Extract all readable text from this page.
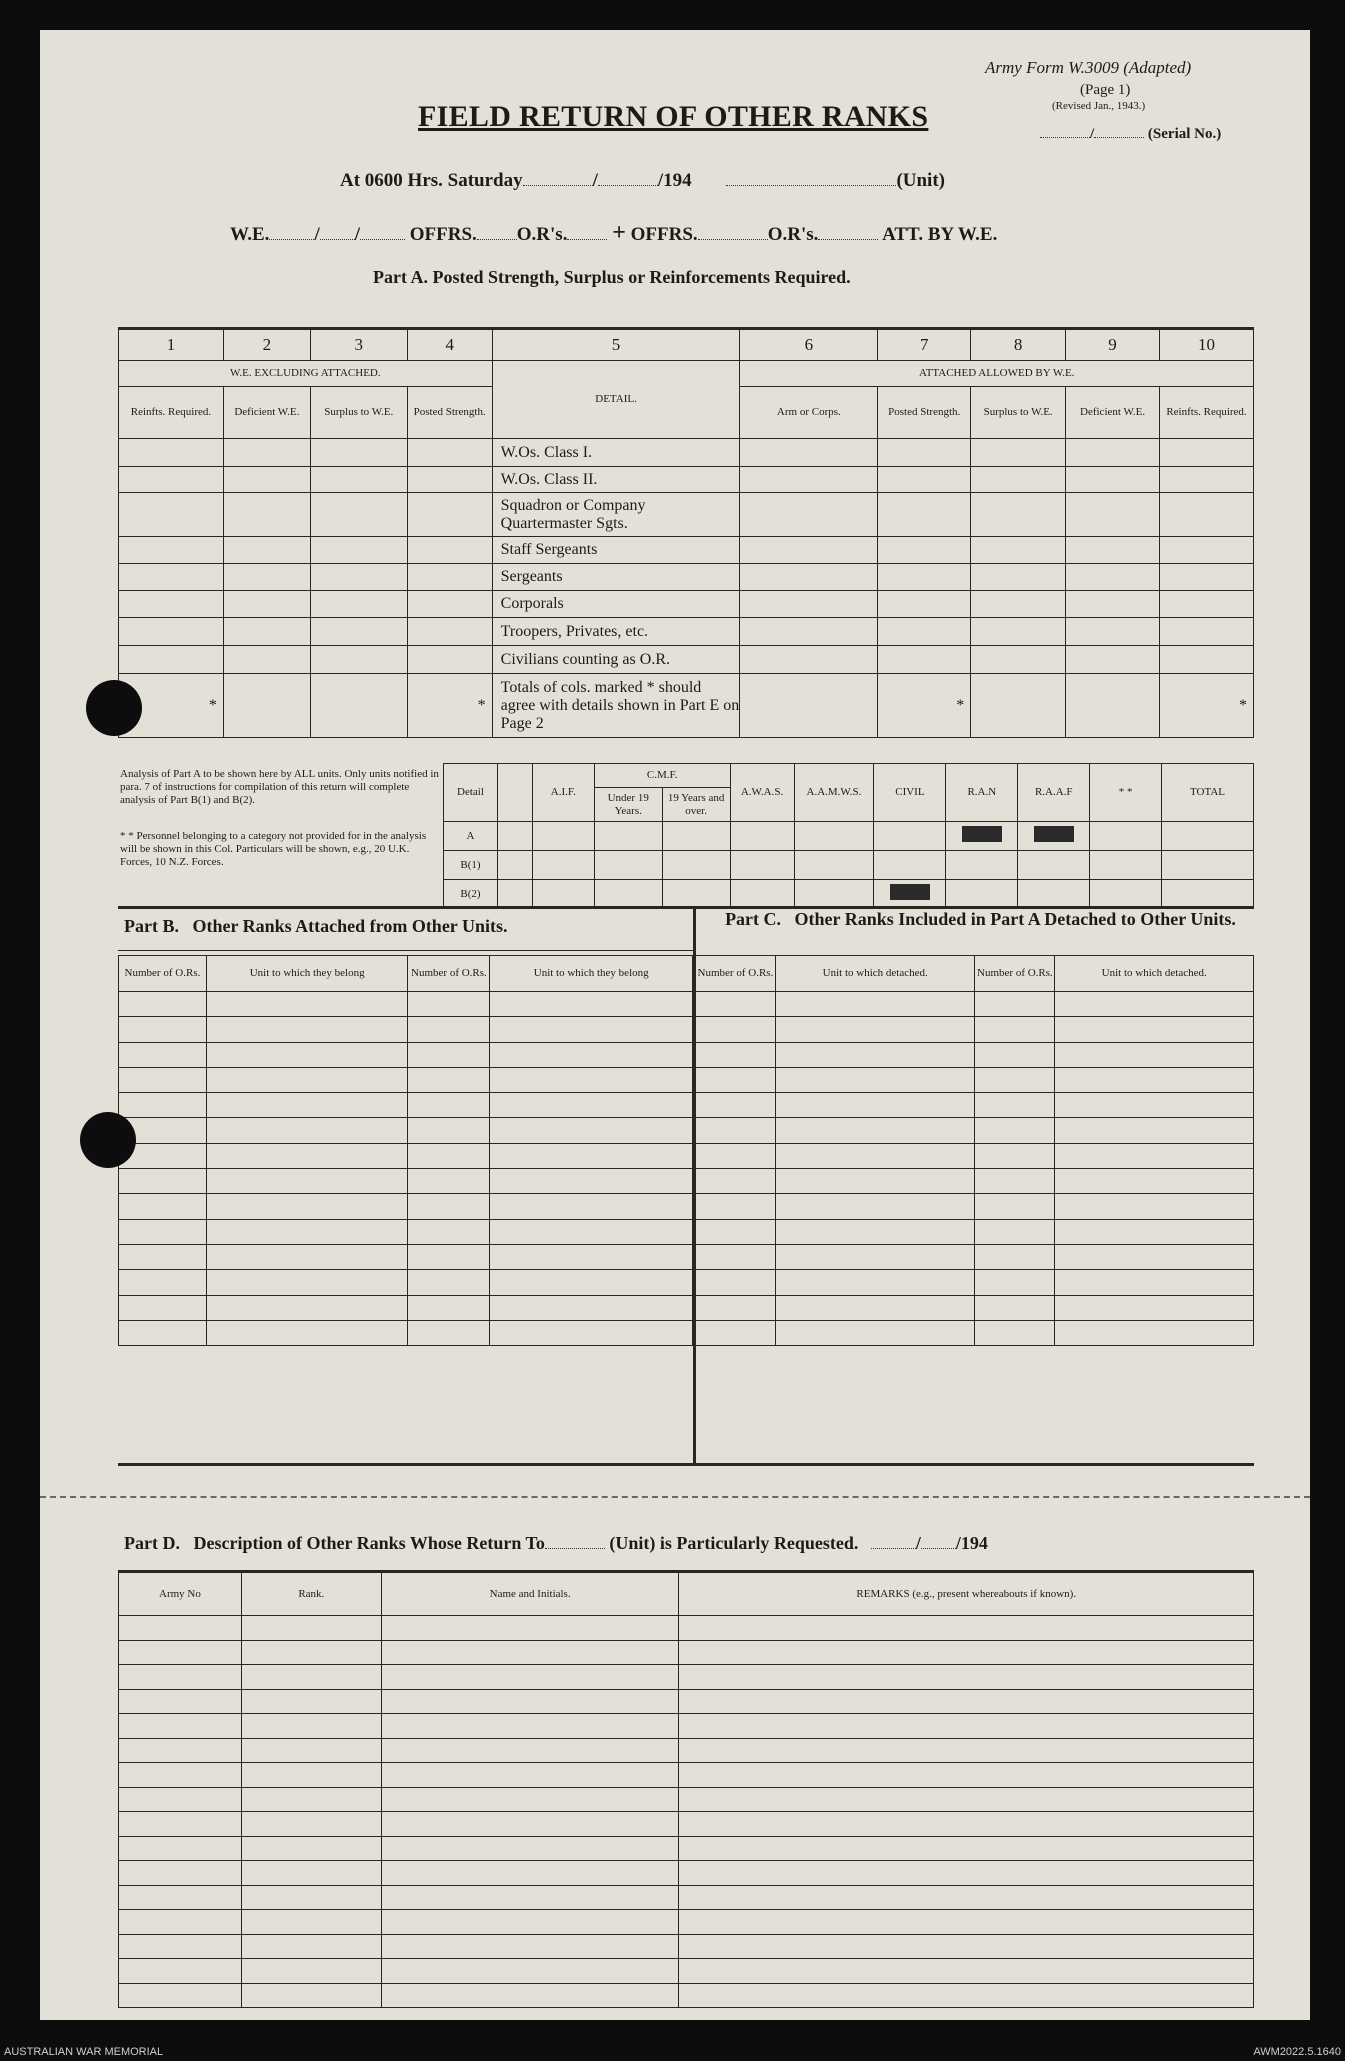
Army Form W.3009 (Adapted)
(Page 1)
(Revised Jan., 1943.)
/	(Serial No.)
FIELD RETURN OF OTHER RANKS
At 0600 Hrs. Saturday	/	/194	(Unit)
W.E. / /	OFFRS. O.R's. + OFFRS.	O.R's.	ATT. BY W.E.
Part A. Posted Strength, Surplus or Reinforcements Required.
1	2	3	4	5	6	7	8	9	10
W.E. EXCLUDING ATTACHED.				DETAIL.	ATTACHED ALLOWED BY W.E.				
Reinfts. Required.	Deficient W.E.	Surplus to W.E.	Posted Strength.		Arm or Corps.	Posted Strength.	Surplus to W.E.	Deficient W.E.	Reinfts. Required.
				W.Os. Class I.					
				W.Os. Class II.					
				Squadron or Company Quartermaster Sgts.					
				Staff Sergeants					
				Sergeants					
				Corporals					
				Troopers, Privates, etc.					
				Civilians counting as O.R.					

*			*	Totals of cols. marked * should agree with details shown in Part E on Page 2		*			*
Analysis of Part A to be shown here by ALL units. Only units notified in para. 7 of instructions for compilation of this return will complete analysis of Part B(1) and B(2).
* * Personnel belonging to a category not provided for in the analysis will be shown in this Col. Particulars will be shown, e.g., 20 U.K. Forces, 10 N.Z. Forces.
Detail		A.I.F.	C.M.F.		A.W.A.S.	A.A.M.W.S.	CIVIL	R.A.N	R.A.A.F	* *	TOTAL
			Under 19 Years.	19 Years and over.							
A											
B(1)											
B(2)											
Part B. Other Ranks Attached from Other Units.	Part C. Other Ranks Included in Part A Detached to Other Units.
Number of O.Rs.	Unit to which they belong	Number of O.Rs.	Unit to which they belong

				Number of O.Rs.	Unit to which detached.	Number of O.Rs.	Unit to which detached.

Part D. Description of Other Ranks Whose Return To	(Unit) is Particularly Requested.	/ /194
Army No	Rank.	Name and Initials.	REMARKS (e.g., present whereabouts if known).

AUSTRALIAN WAR MEMORIAL	AWM2022.5.1640
